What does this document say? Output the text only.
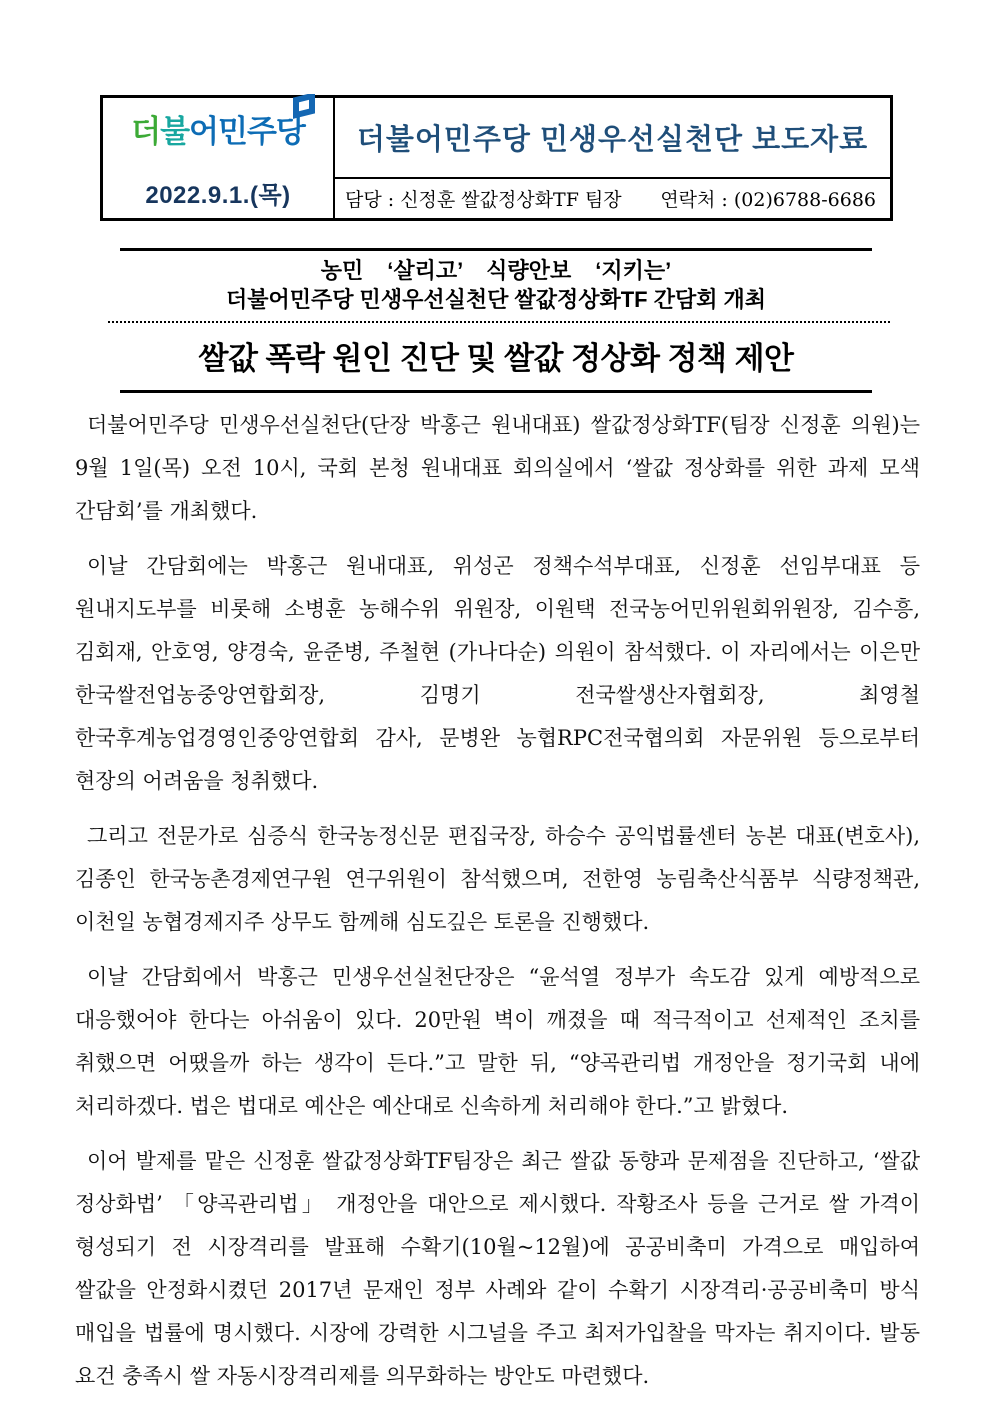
더불어민주당
2022.9.1.(목)
더불어민주당 민생우선실천단 보도자료
담당 : 신정훈 쌀값정상화TF 팀장 연락처 : (02)6788-6686
농민 ‘살리고’ 식량안보 ‘지키는’
더불어민주당 민생우선실천단 쌀값정상화TF 간담회 개최
쌀값 폭락 원인 진단 및 쌀값 정상화 정책 제안

더불어민주당 민생우선실천단(단장 박홍근 원내대표) 쌀값정상화TF(팀장 신정훈 의원)는 9월 1일(목) 오전 10시, 국회 본청 원내대표 회의실에서 ‘쌀값 정상화를 위한 과제 모색 간담회’를 개최했다.

이날 간담회에는 박홍근 원내대표, 위성곤 정책수석부대표, 신정훈 선임부대표 등 원내지도부를 비롯해 소병훈 농해수위 위원장, 이원택 전국농어민위원회위원장, 김수흥, 김회재, 안호영, 양경숙, 윤준병, 주철현 (가나다순) 의원이 참석했다. 이 자리에서는 이은만 한국쌀전업농중앙연합회장, 김명기 전국쌀생산자협회장, 최영철 한국후계농업경영인중앙연합회 감사, 문병완 농협RPC전국협의회 자문위원 등으로부터 현장의 어려움을 청취했다.

그리고 전문가로 심증식 한국농정신문 편집국장, 하승수 공익법률센터 농본 대표(변호사), 김종인 한국농촌경제연구원 연구위원이 참석했으며, 전한영 농림축산식품부 식량정책관, 이천일 농협경제지주 상무도 함께해 심도깊은 토론을 진행했다.

이날 간담회에서 박홍근 민생우선실천단장은 “윤석열 정부가 속도감 있게 예방적으로 대응했어야 한다는 아쉬움이 있다. 20만원 벽이 깨졌을 때 적극적이고 선제적인 조치를 취했으면 어땠을까 하는 생각이 든다.”고 말한 뒤, “양곡관리법 개정안을 정기국회 내에 처리하겠다. 법은 법대로 예산은 예산대로 신속하게 처리해야 한다.”고 밝혔다.

이어 발제를 맡은 신정훈 쌀값정상화TF팀장은 최근 쌀값 동향과 문제점을 진단하고, ‘쌀값 정상화법’ 「양곡관리법」 개정안을 대안으로 제시했다. 작황조사 등을 근거로 쌀 가격이 형성되기 전 시장격리를 발표해 수확기(10월~12월)에 공공비축미 가격으로 매입하여 쌀값을 안정화시켰던 2017년 문재인 정부 사례와 같이 수확기 시장격리·공공비축미 방식 매입을 법률에 명시했다. 시장에 강력한 시그널을 주고 최저가입찰을 막자는 취지이다. 발동 요건 충족시 쌀 자동시장격리제를 의무화하는 방안도 마련했다.
